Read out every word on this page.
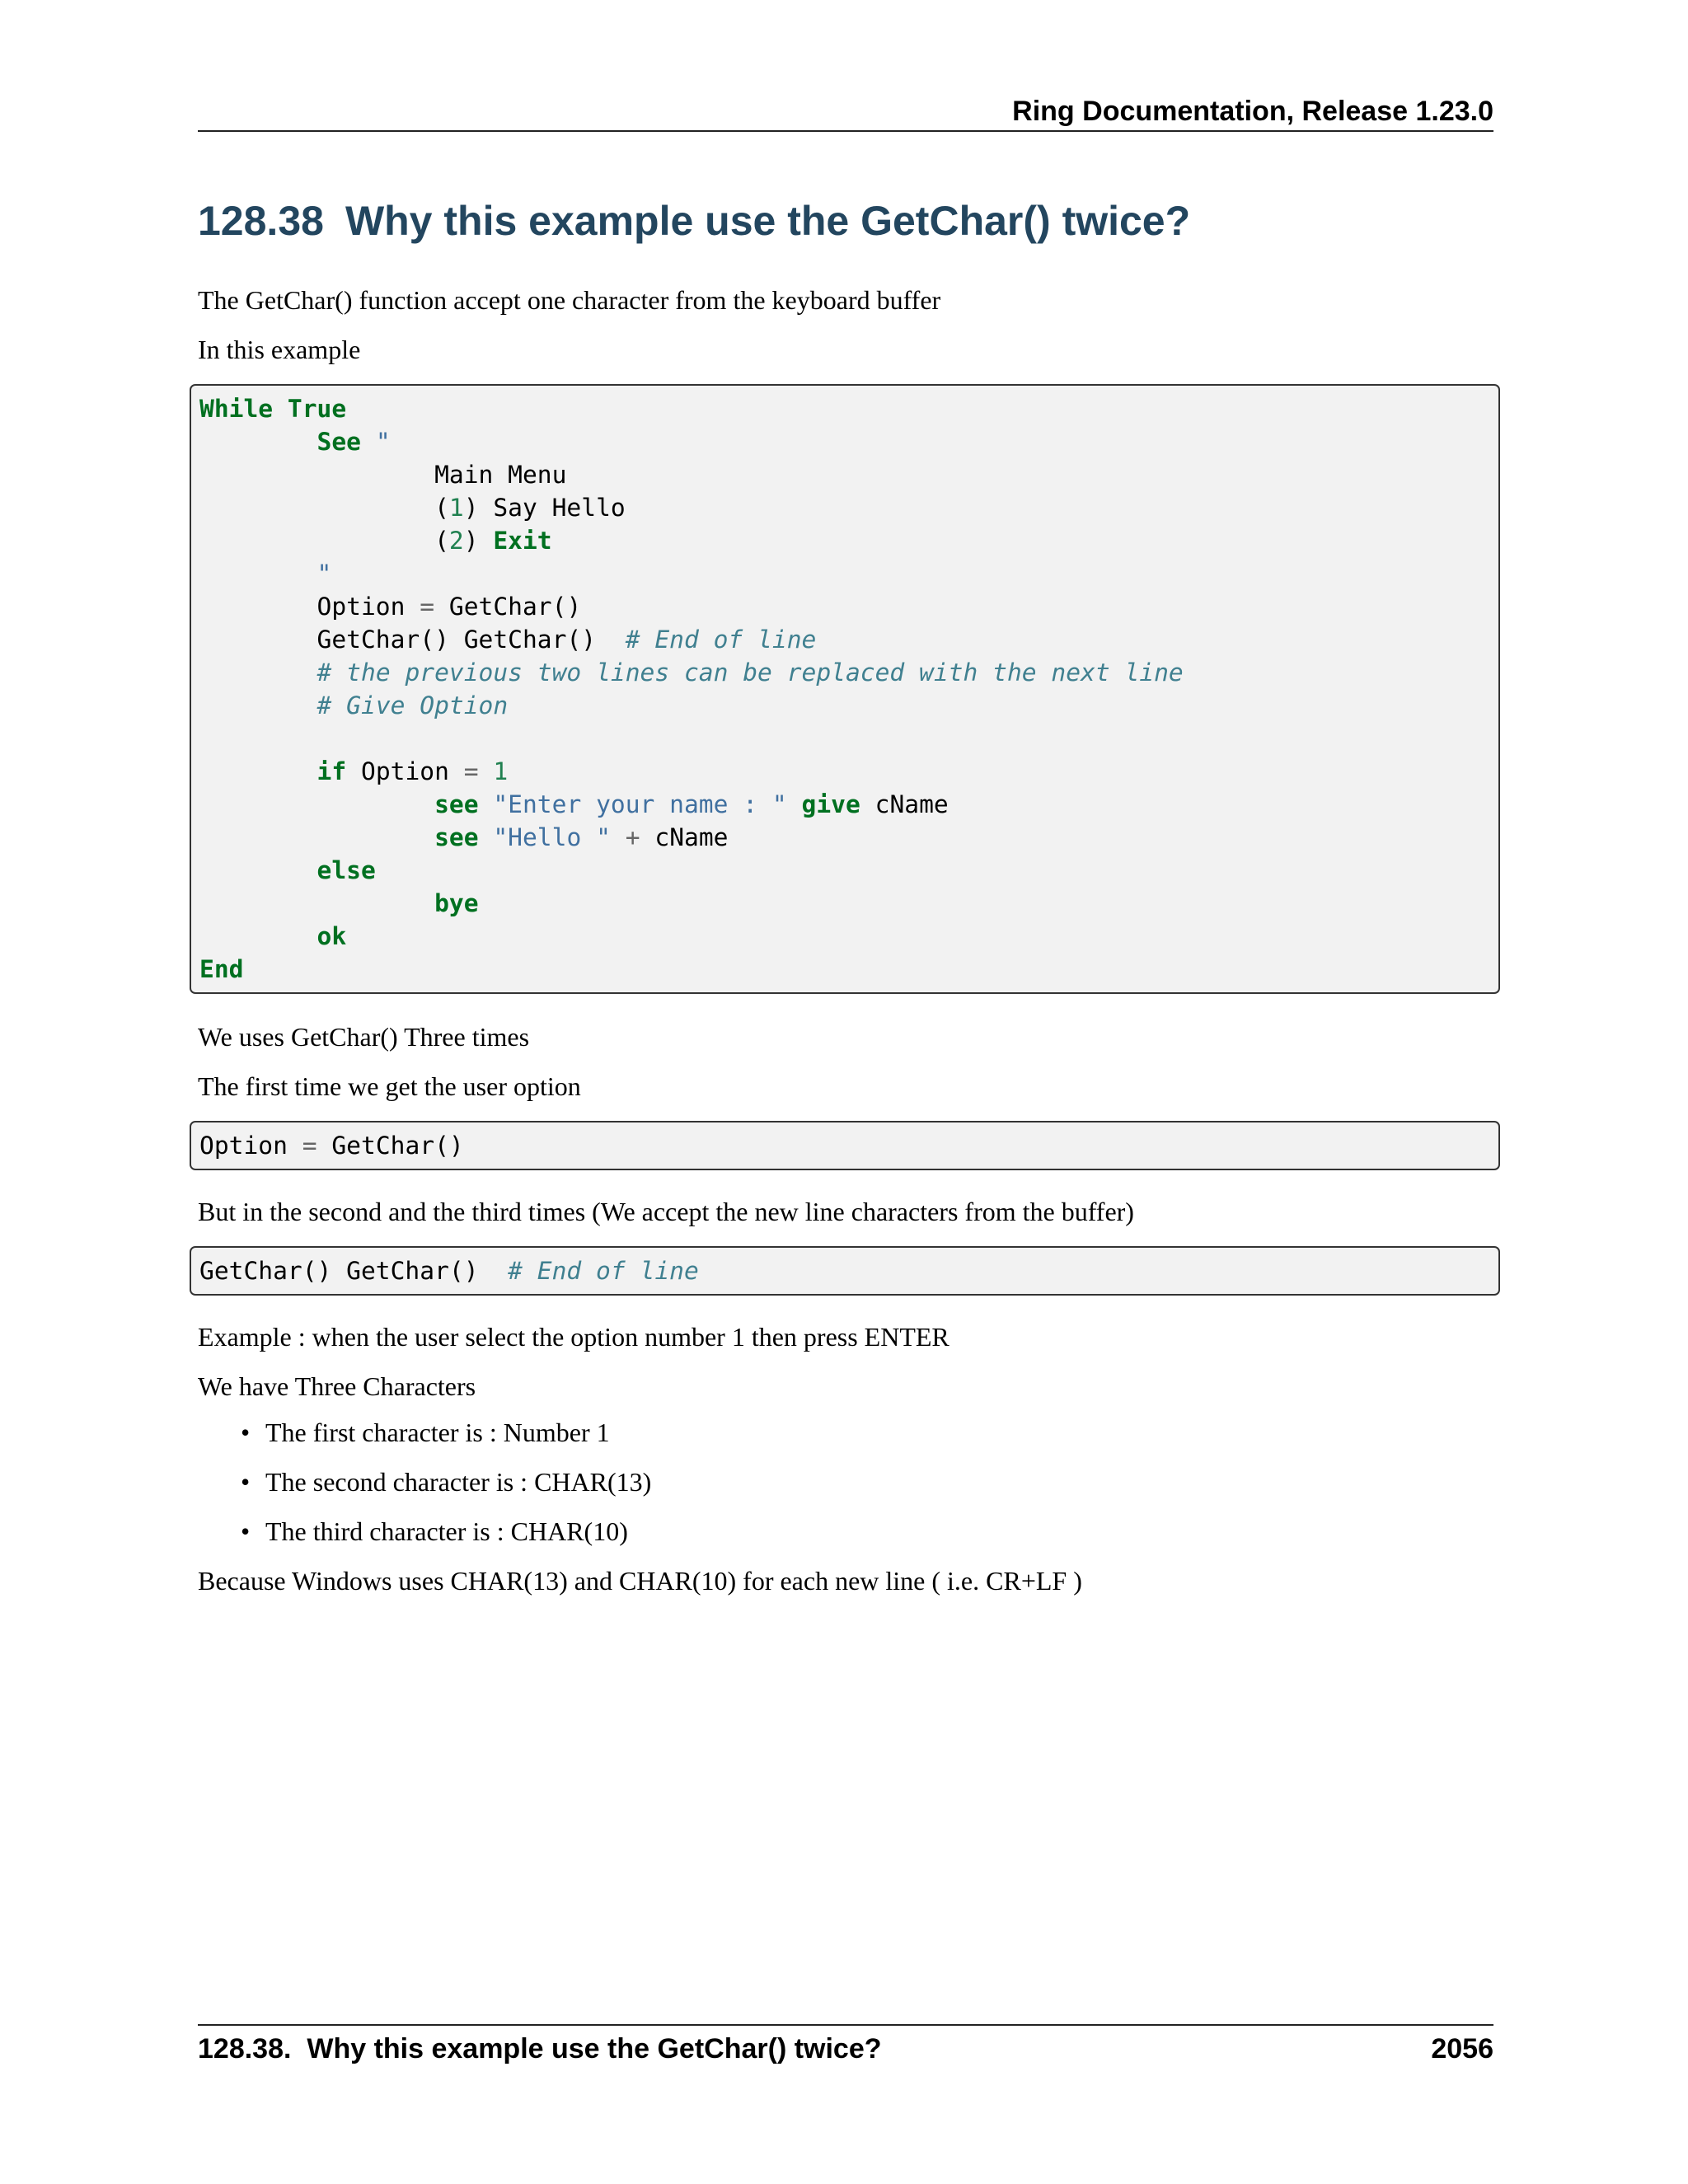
Ring Documentation, Release 1.23.0
128.38 Why this example use the GetChar() twice?

The GetChar() function accept one character from the keyboard buffer

In this example

While True
See "
Main Menu
(1) Say Hello
(2) Exit
"
Option = GetChar()
GetChar() GetChar()  # End of line
# the previous two lines can be replaced with the next line
# Give Option

if Option = 1
see "Enter your name : " give cName
see "Hello " + cName
else
bye
ok
End

We uses GetChar() Three times

The first time we get the user option

Option = GetChar()

But in the second and the third times (We accept the new line characters from the buffer)

GetChar() GetChar()  # End of line

Example : when the user select the option number 1 then press ENTER

We have Three Characters

• The first character is : Number 1
• The second character is : CHAR(13)
• The third character is : CHAR(10)

Because Windows uses CHAR(13) and CHAR(10) for each new line ( i.e. CR+LF )

128.38. Why this example use the GetChar() twice?	2056
